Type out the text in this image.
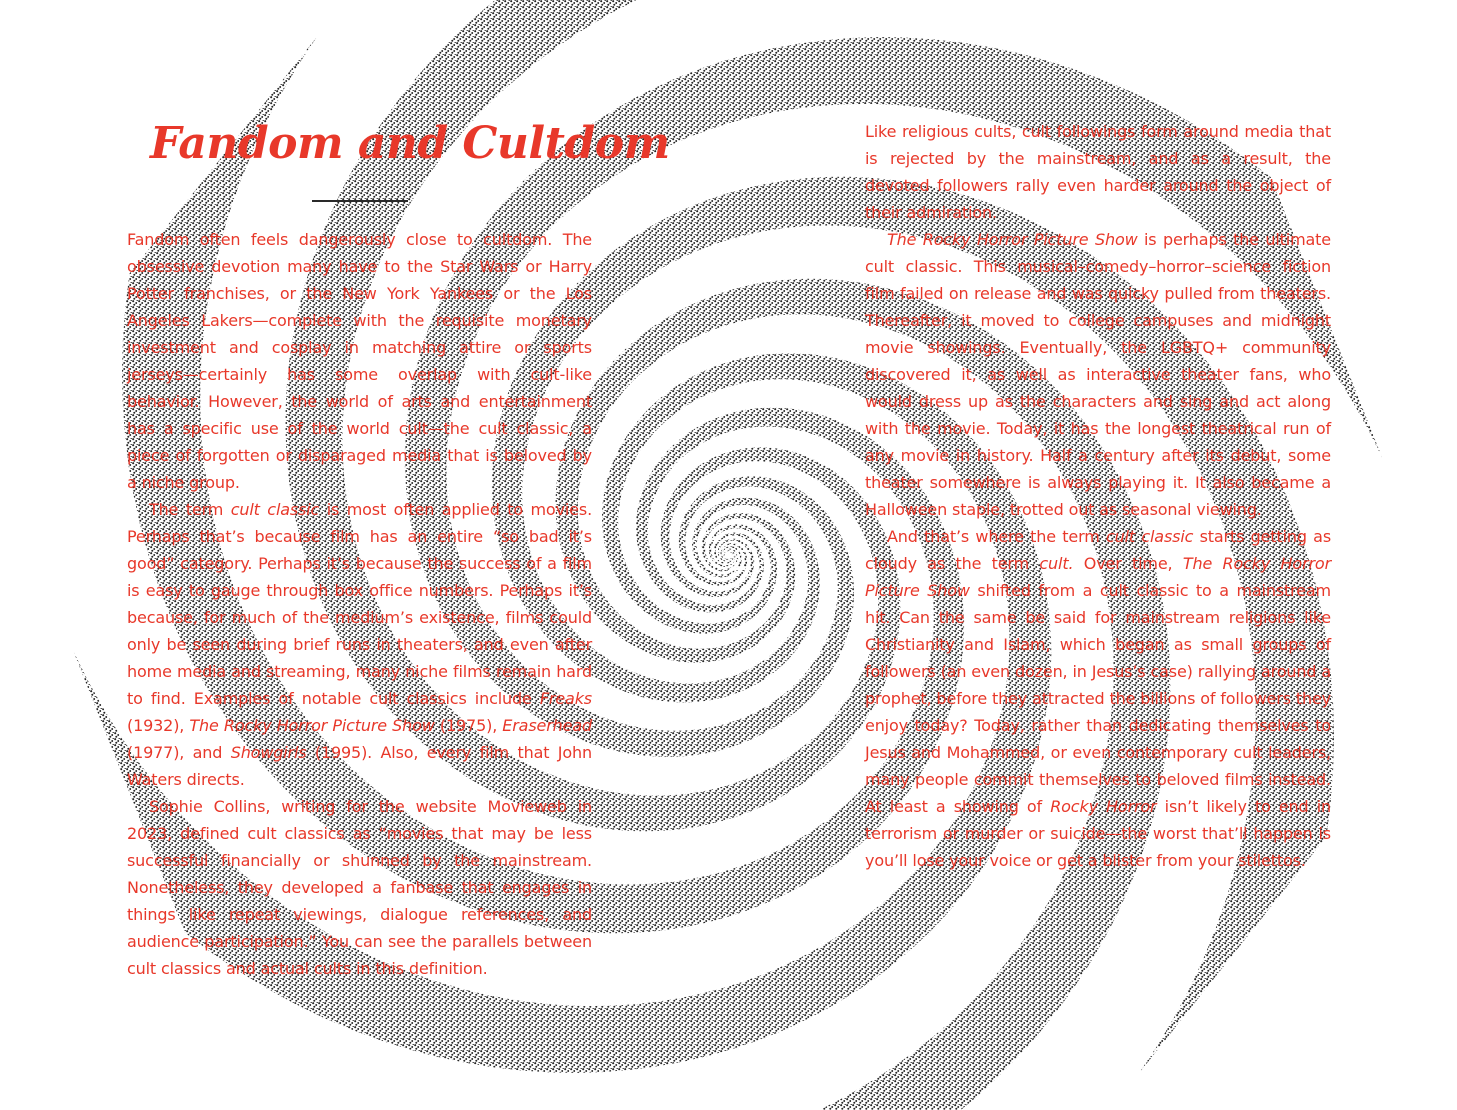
Fandom and Cultdom

Fandom often feels dangerously close to cultdom. The obsessive devotion many have to the Star Wars or Harry Potter franchises, or the New York Yankees or the Los Angeles Lakers—complete with the requisite monetary investment and cosplay in matching attire or sports jerseys—certainly has some overlap with cult-like behavior. However, the world of arts and entertainment has a specific use of the world cult—the cult classic, a piece of forgotten or disparaged media that is beloved by a niche group.

The term cult classic is most often applied to movies. Perhaps that’s because film has an entire “so bad it’s good” category. Perhaps it’s because the success of a film is easy to gauge through box office numbers. Perhaps it’s because, for much of the medium’s existence, films could only be seen during brief runs in theaters, and even after home media and streaming, many niche films remain hard to find. Examples of notable cult classics include Freaks (1932), The Rocky Horror Picture Show (1975), Eraserhead (1977), and Showgirls (1995). Also, every film that John Waters directs.

Sophie Collins, writing for the website Movieweb in 2023, defined cult classics as “movies that may be less successful financially or shunned by the mainstream. Nonetheless, they developed a fanbase that engages in things like repeat viewings, dialogue references, and audience participation.” You can see the parallels between cult classics and actual cults in this definition.

Like religious cults, cult followings form around media that is rejected by the mainstream, and as a result, the devoted followers rally even harder around the object of their admiration.

The Rocky Horror Picture Show is perhaps the ultimate cult classic. This musical–comedy–horror–science fiction film failed on release and was quicky pulled from theaters. Thereafter, it moved to college campuses and midnight movie showings. Eventually, the LGBTQ+ community discovered it, as well as interactive theater fans, who would dress up as the characters and sing and act along with the movie. Today, it has the longest theatrical run of any movie in history. Half a century after its debut, some theater somewhere is always playing it. It also became a Halloween staple, trotted out as seasonal viewing.

And that’s where the term cult classic starts getting as cloudy as the term cult. Over time, The Rocky Horror Picture Show shifted from a cult classic to a mainstream hit. Can the same be said for mainstream religions like Christianity and Islam, which began as small groups of followers (an even dozen, in Jesus’s case) rallying around a prophet, before they attracted the billions of followers they enjoy today? Today, rather than dedicating themselves to Jesus and Mohammed, or even contemporary cult leaders, many people commit themselves to beloved films instead. At least a showing of Rocky Horror isn’t likely to end in terrorism or murder or suicide—the worst that’ll happen is you’ll lose your voice or get a blister from your stilettos.
